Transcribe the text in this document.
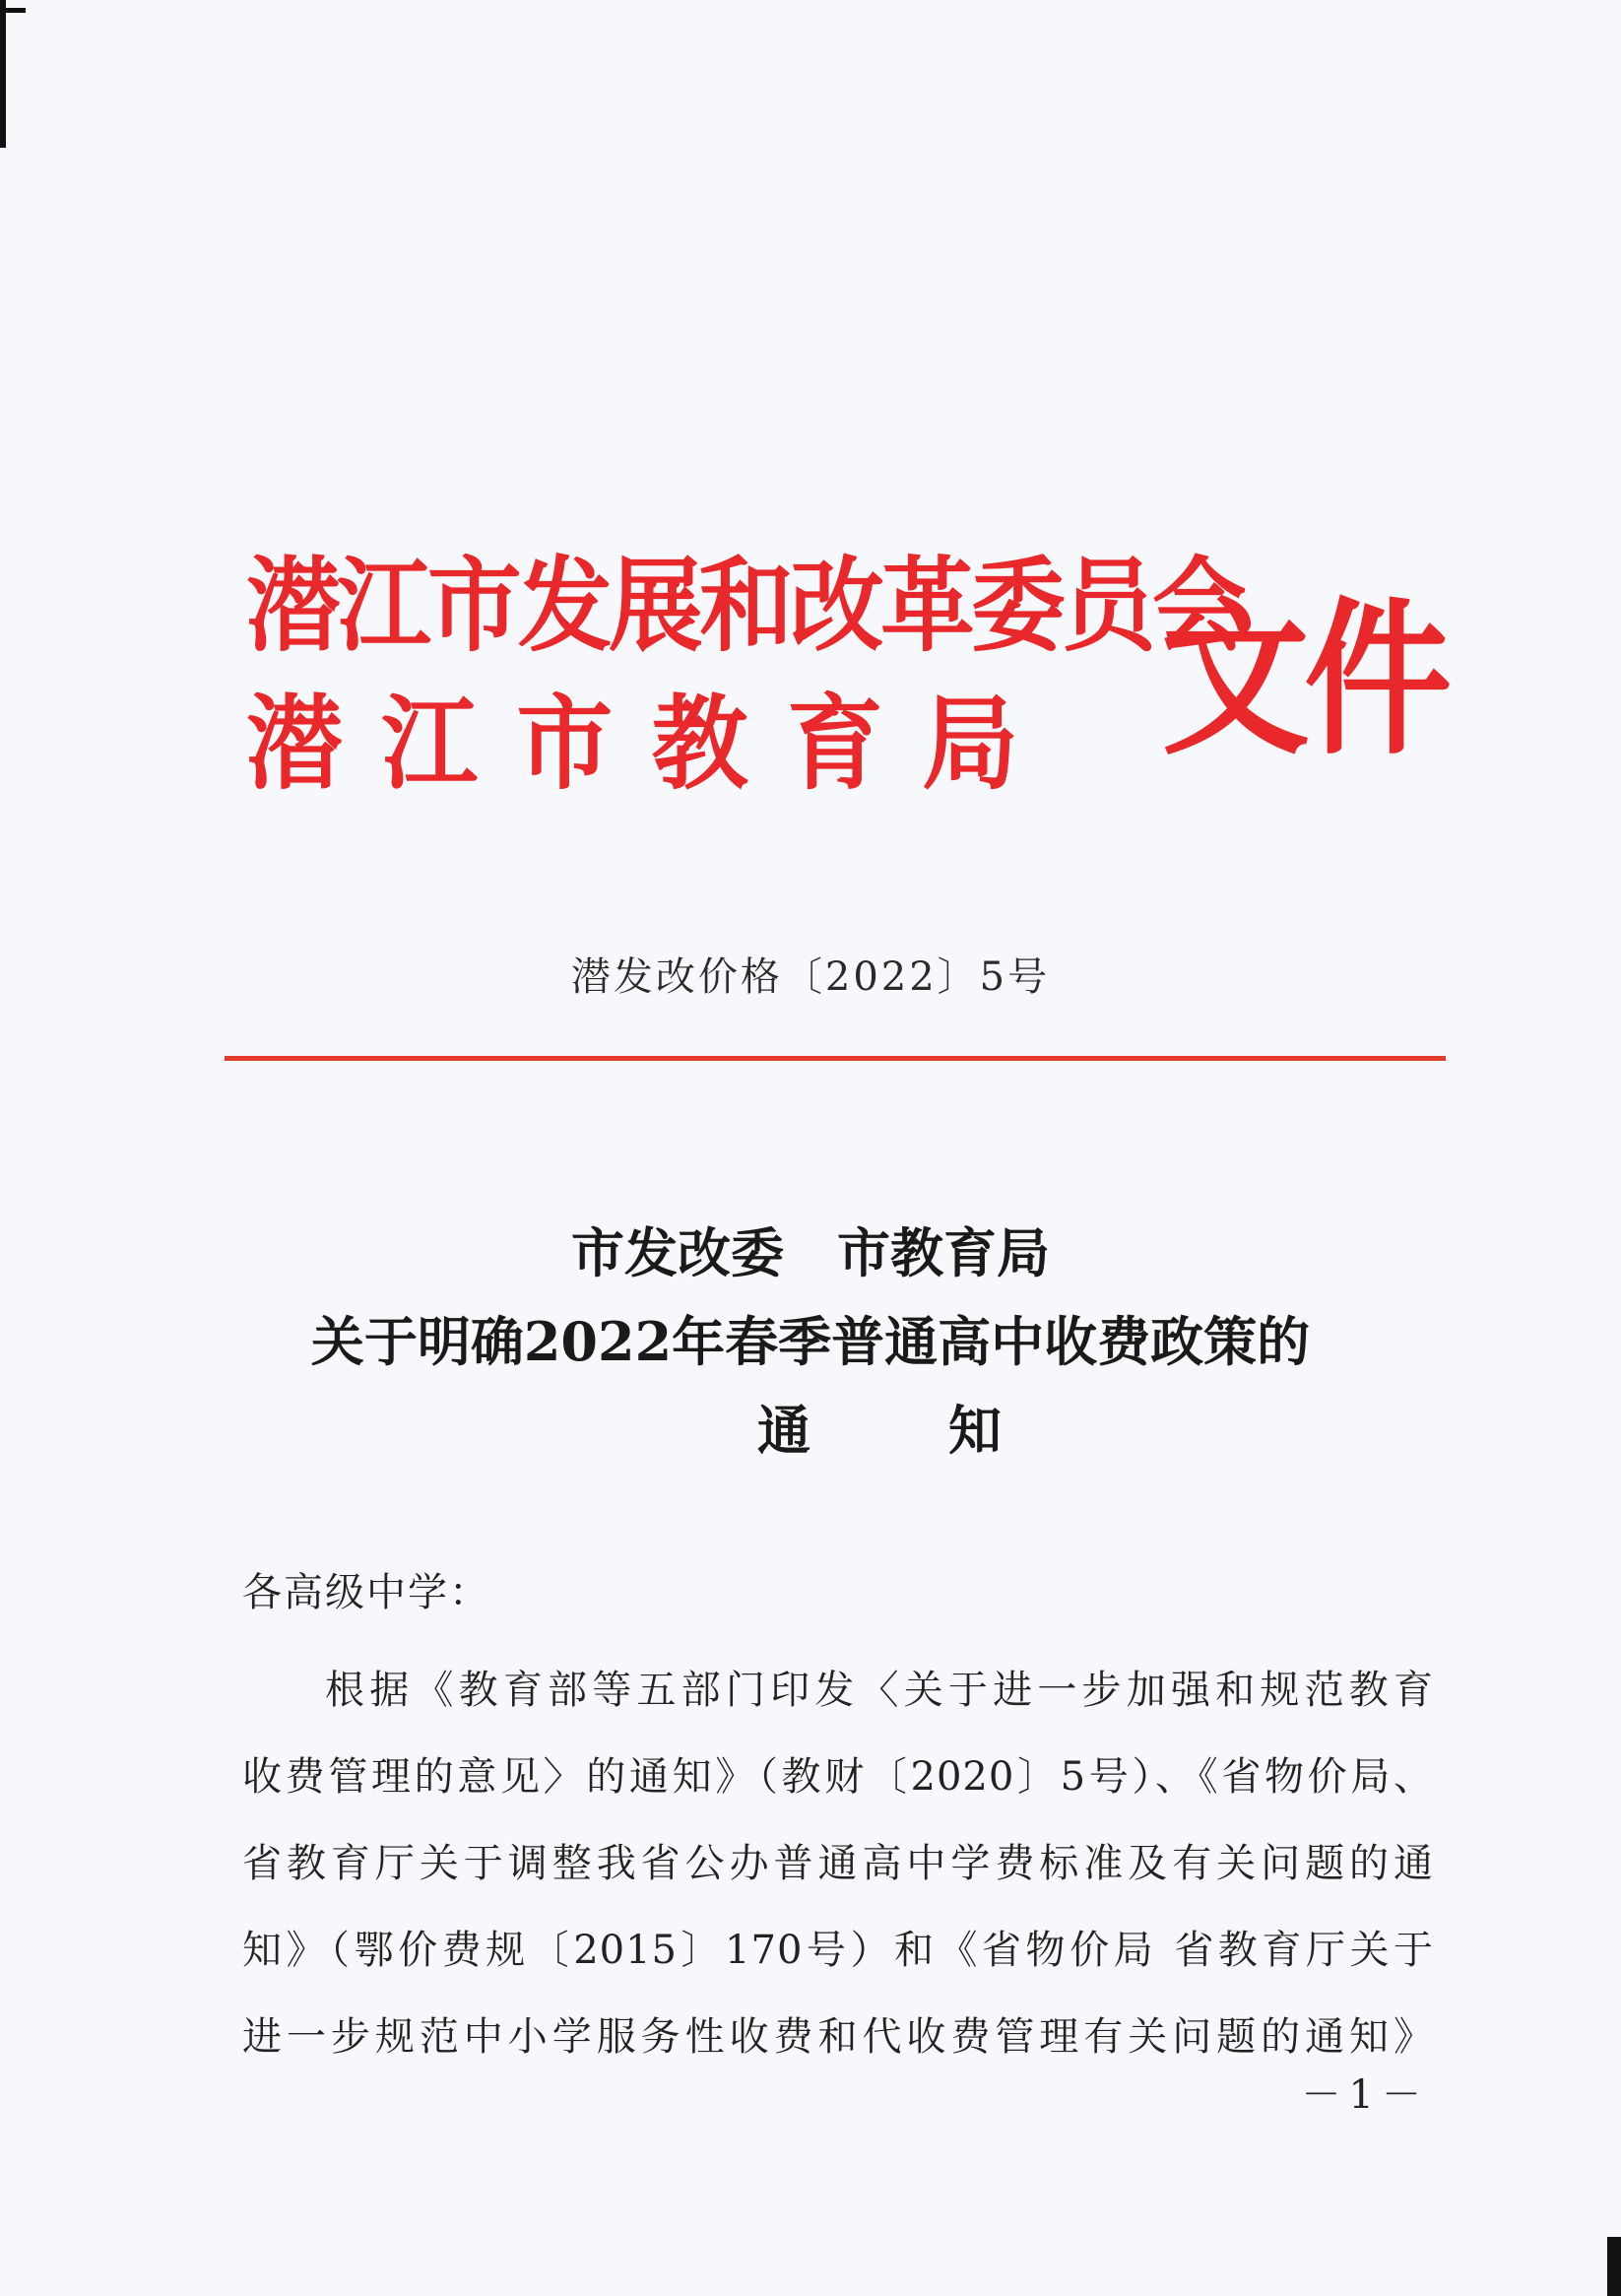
潜江市发展和改革委员会
潜江市教育局 文件
潜发改价格〔2022〕5号
市发改委 市教育局
关于明确2022年春季普通高中收费政策的
通知
各高级中学：
根据《教育部等五部门印发〈关于进一步加强和规范教育
收费管理的意见〉的通知》（教财〔2020〕5号）、《省物价局、
省教育厅关于调整我省公办普通高中学费标准及有关问题的通
知》（鄂价费规〔2015〕170号）和《省物价局 省教育厅关于
进一步规范中小学服务性收费和代收费管理有关问题的通知》
－1－
